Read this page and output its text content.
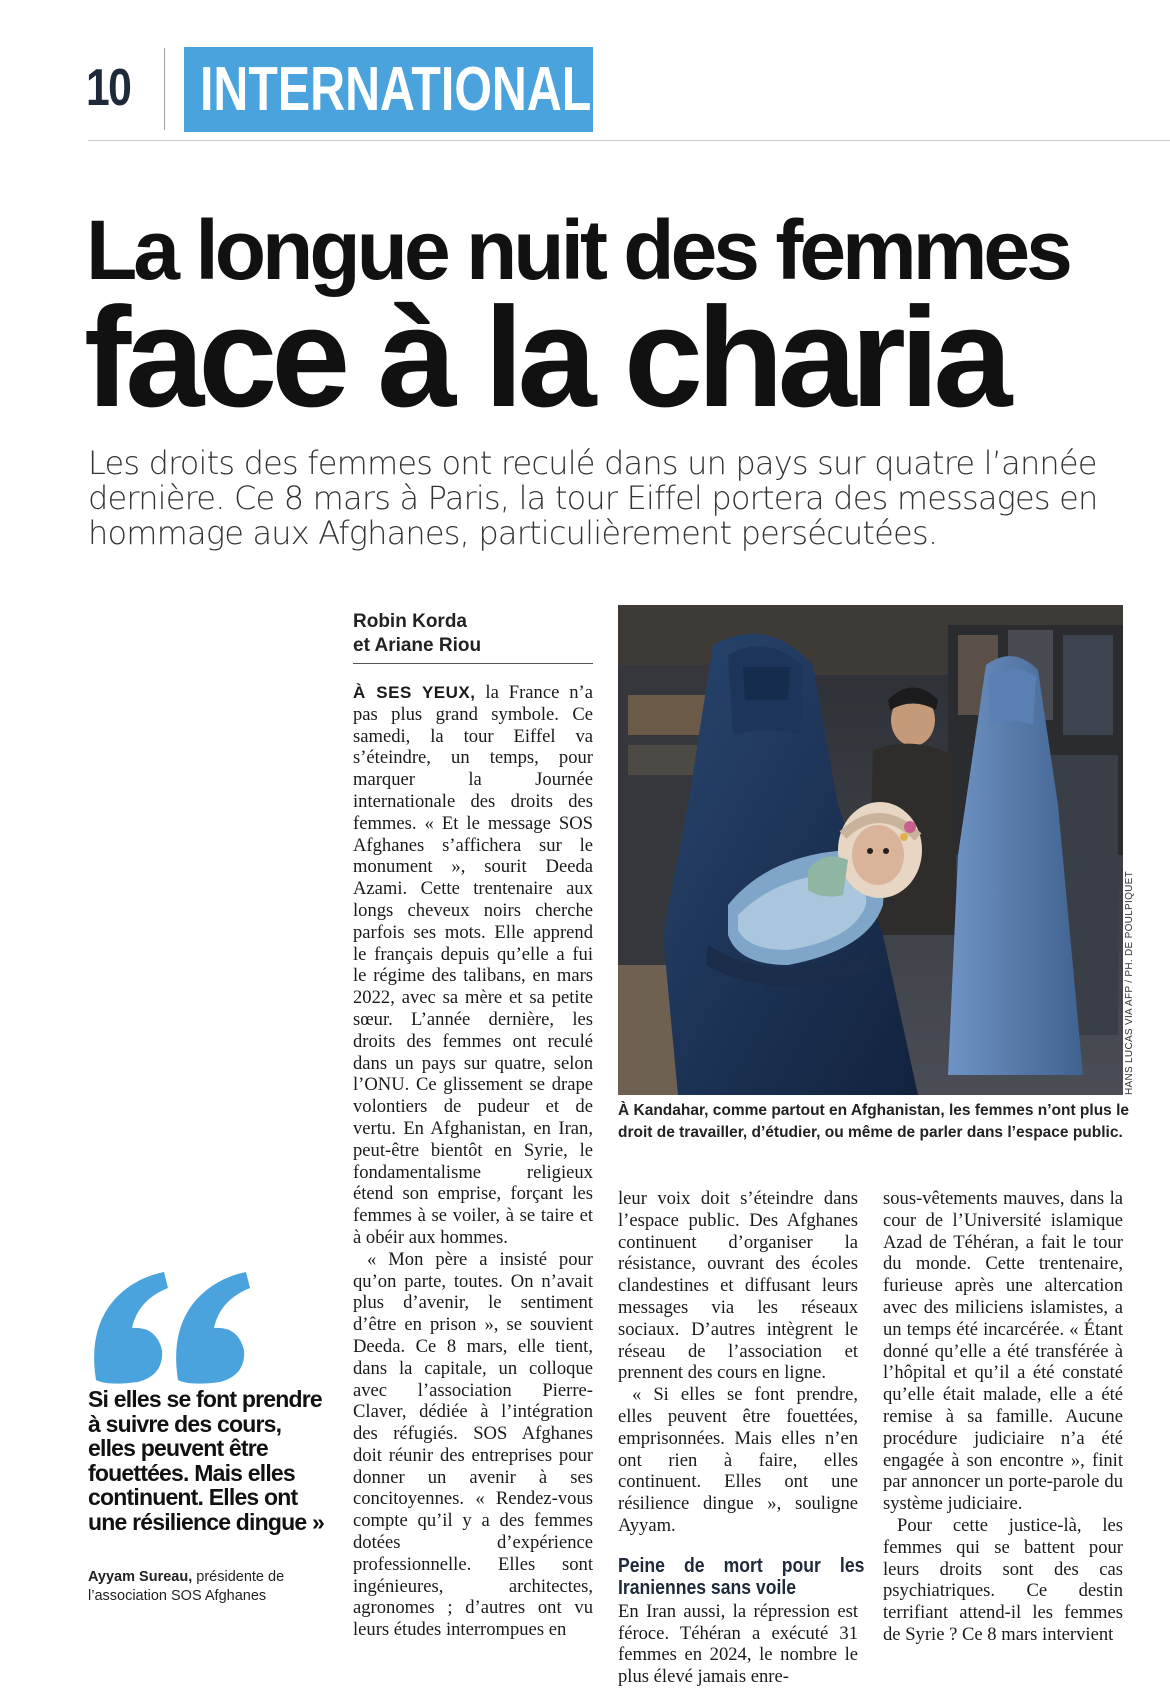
10 INTERNATIONAL
La longue nuit des femmes
face à la charia

Les droits des femmes ont reculé dans un pays sur quatre l’année dernière. Ce 8 mars à Paris, la tour Eiffel portera des messages en hommage aux Afghanes, particulièrement persécutées.

Robin Korda
et Ariane Riou

À SES YEUX, la France n’a pas plus grand symbole. Ce samedi, la tour Eiffel va s’éteindre, un temps, pour marquer la Journée internationale des droits des femmes. « Et le message SOS Afghanes s’affichera sur le monument », sourit Deeda Azami. Cette trentenaire aux longs cheveux noirs cherche parfois ses mots. Elle apprend le français depuis qu’elle a fui le régime des talibans, en mars 2022, avec sa mère et sa petite sœur. L’année dernière, les droits des femmes ont reculé dans un pays sur quatre, selon l’ONU. Ce glissement se drape volontiers de pudeur et de vertu. En Afghanistan, en Iran, peut-être bientôt en Syrie, le fondamentalisme religieux étend son emprise, forçant les femmes à se voiler, à se taire et à obéir aux hommes.

« Mon père a insisté pour qu’on parte, toutes. On n’avait plus d’avenir, le sentiment d’être en prison », se souvient Deeda. Ce 8 mars, elle tient, dans la capitale, un colloque avec l’association Pierre-Claver, dédiée à l’intégration des réfugiés. SOS Afghanes doit réunir des entreprises pour donner un avenir à ses concitoyennes. « Rendez-vous compte qu’il y a des femmes dotées d’expérience professionnelle. Elles sont ingénieures, architectes, agronomes ; d’autres ont vu leurs études interrompues en

HANS LUCAS VIA AFP / PH. DE POULPIQUET

À Kandahar, comme partout en Afghanistan, les femmes n’ont plus le droit de travailler, d’étudier, ou même de parler dans l’espace public.

leur voix doit s’éteindre dans l’espace public. Des Afghanes continuent d’organiser la résistance, ouvrant des écoles clandestines et diffusant leurs messages via les réseaux sociaux. D’autres intègrent le réseau de l’association et prennent des cours en ligne.

« Si elles se font prendre, elles peuvent être fouettées, emprisonnées. Mais elles n’en ont rien à faire, elles continuent. Elles ont une résilience dingue », souligne Ayyam.

Peine de mort pour les Iraniennes sans voile

En Iran aussi, la répression est féroce. Téhéran a exécuté 31 femmes en 2024, le nombre le plus élevé jamais enre-

sous-vêtements mauves, dans la cour de l’Université islamique Azad de Téhéran, a fait le tour du monde. Cette trentenaire, furieuse après une altercation avec des miliciens islamistes, a un temps été incarcérée. « Étant donné qu’elle a été transférée à l’hôpital et qu’il a été constaté qu’elle était malade, elle a été remise à sa famille. Aucune procédure judiciaire n’a été engagée à son encontre », finit par annoncer un porte-parole du système judiciaire.

Pour cette justice-là, les femmes qui se battent pour leurs droits sont des cas psychiatriques. Ce destin terrifiant attend-il les femmes de Syrie ? Ce 8 mars intervient

Si elles se font prendre à suivre des cours, elles peuvent être fouettées. Mais elles continuent. Elles ont une résilience dingue »

Ayyam Sureau, présidente de l’association SOS Afghanes
